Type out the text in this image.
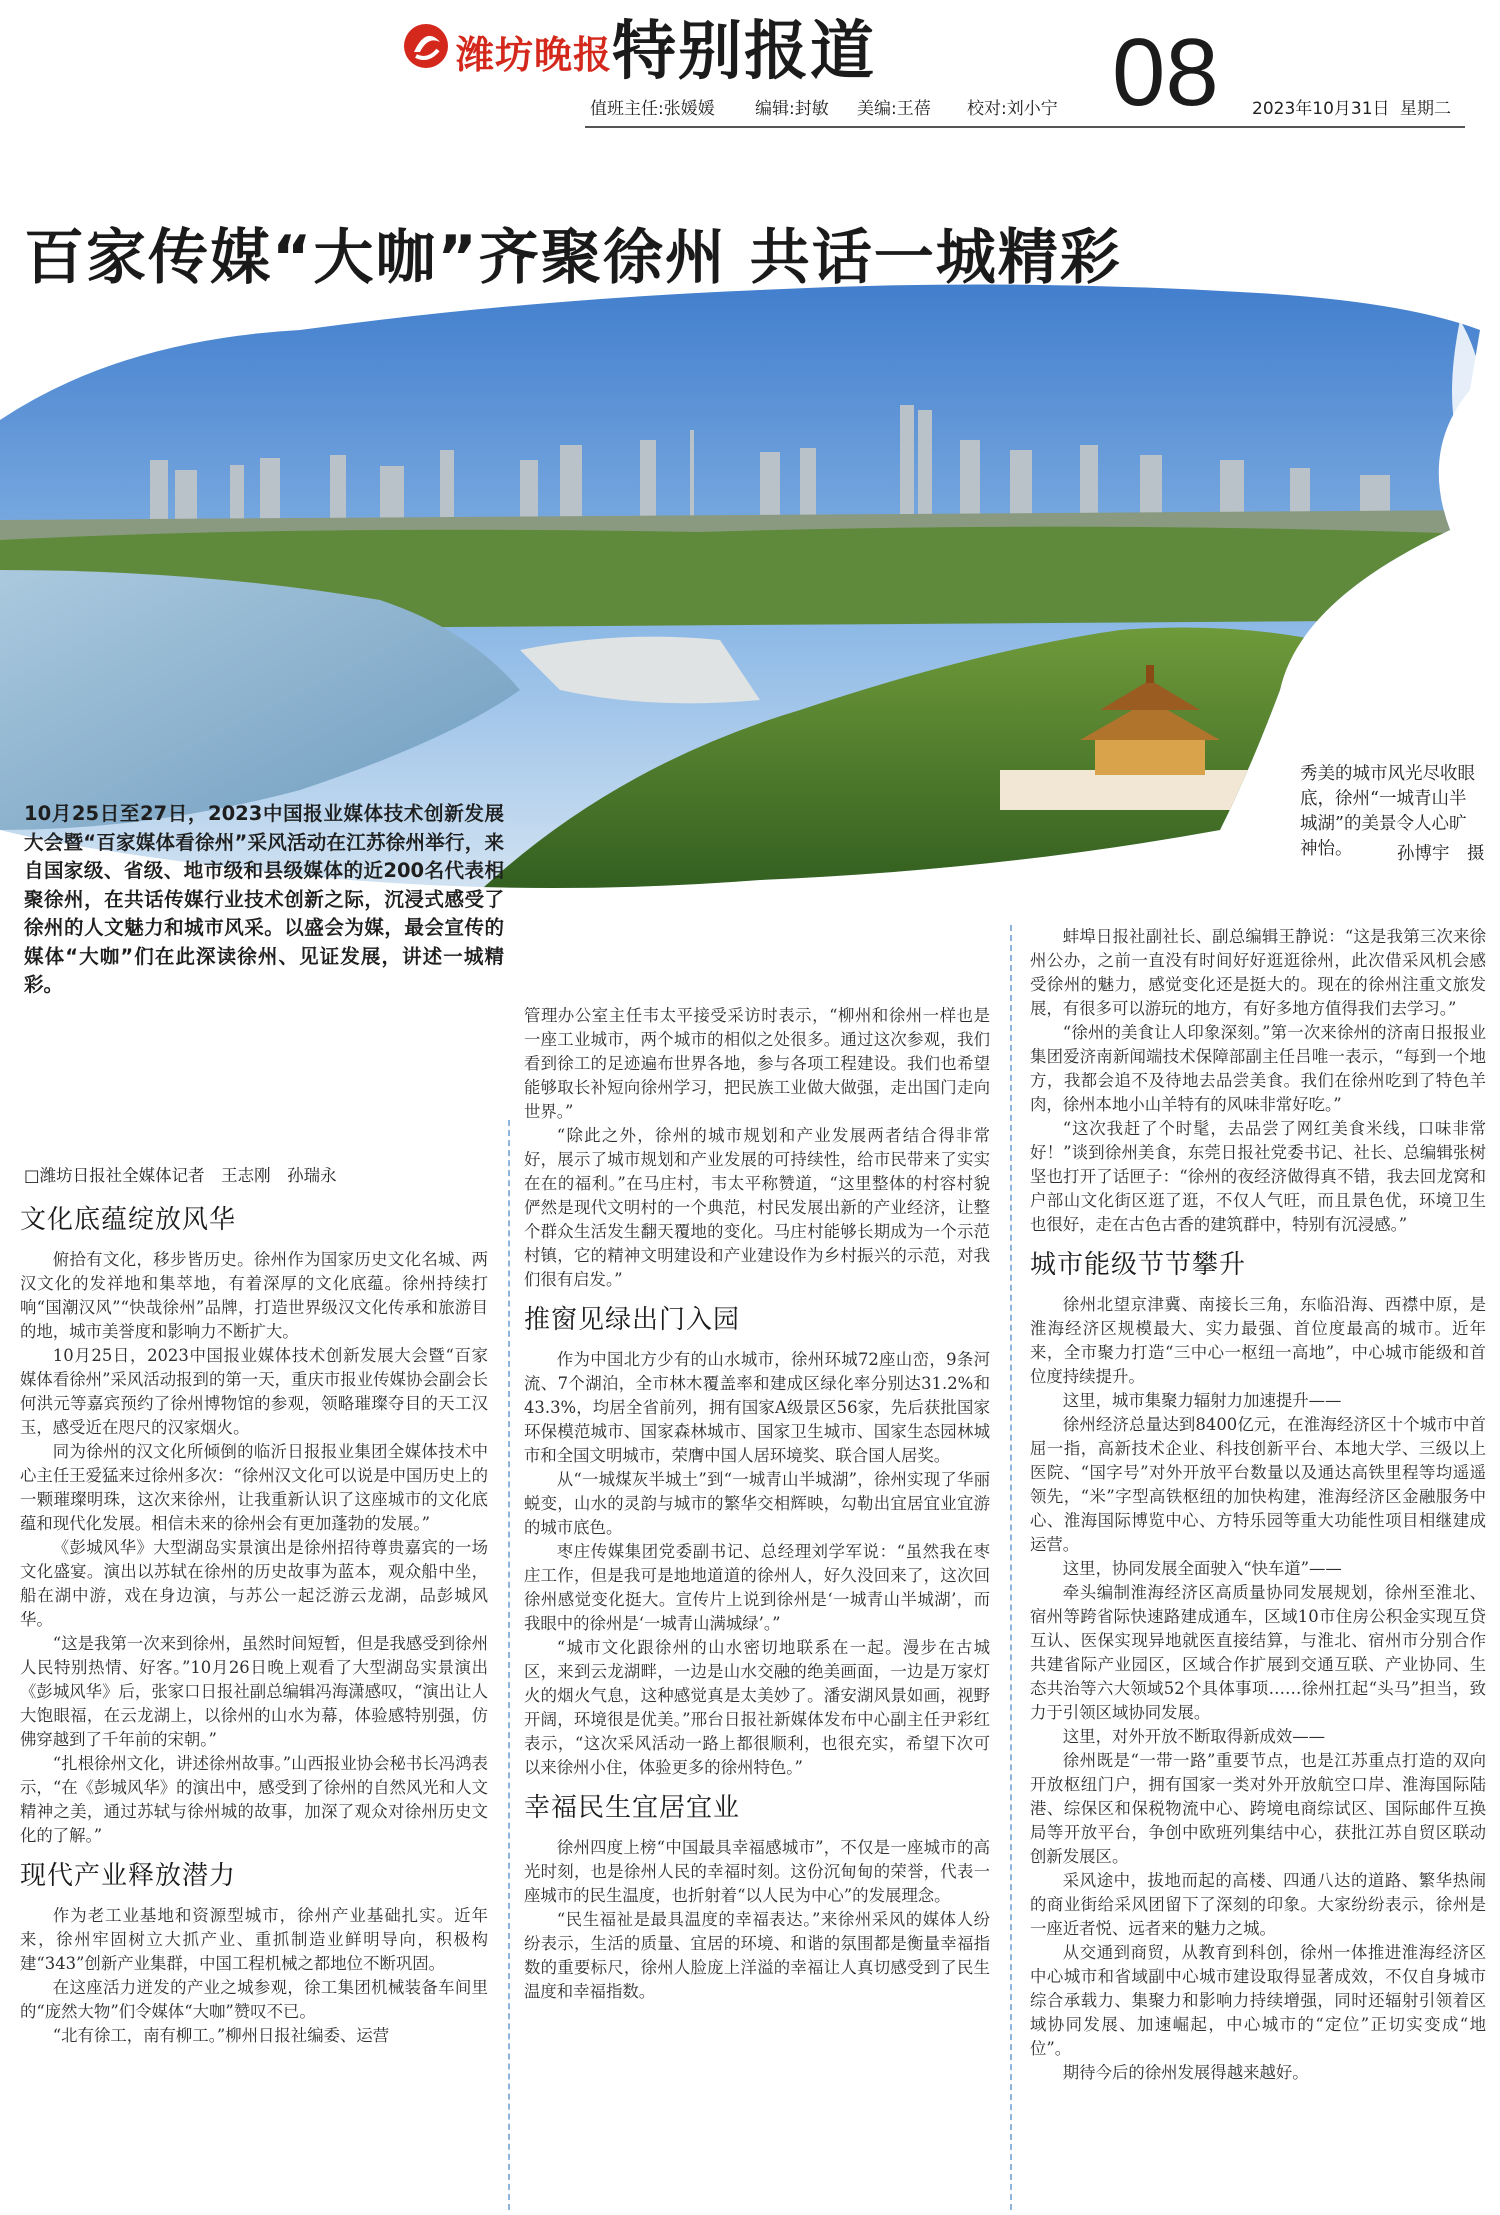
潍坊晚报 特别报道 08
值班主任:张媛媛 编辑:封敏 美编:王蓓 校对:刘小宁	2023年10月31日 星期二
百家传媒“大咖”齐聚徐州 共话一城精彩
秀美的城市风光尽收眼底，徐州“一城青山半城湖”的美景令人心旷神怡。	孙博宇　摄
10月25日至27日，2023中国报业媒体技术创新发展大会暨“百家媒体看徐州”采风活动在江苏徐州举行，来自国家级、省级、地市级和县级媒体的近200名代表相聚徐州，在共话传媒行业技术创新之际，沉浸式感受了徐州的人文魅力和城市风采。以盛会为媒，最会宣传的媒体“大咖”们在此深读徐州、见证发展，讲述一城精彩。
□潍坊日报社全媒体记者　王志刚　孙瑞永
文化底蕴绽放风华

俯拾有文化，移步皆历史。徐州作为国家历史文化名城、两汉文化的发祥地和集萃地，有着深厚的文化底蕴。徐州持续打响“国潮汉风”“快哉徐州”品牌，打造世界级汉文化传承和旅游目的地，城市美誉度和影响力不断扩大。

10月25日，2023中国报业媒体技术创新发展大会暨“百家媒体看徐州”采风活动报到的第一天，重庆市报业传媒协会副会长何洪元等嘉宾预约了徐州博物馆的参观，领略璀璨夺目的天工汉玉，感受近在咫尺的汉家烟火。

同为徐州的汉文化所倾倒的临沂日报报业集团全媒体技术中心主任王爱猛来过徐州多次：“徐州汉文化可以说是中国历史上的一颗璀璨明珠，这次来徐州，让我重新认识了这座城市的文化底蕴和现代化发展。相信未来的徐州会有更加蓬勃的发展。”

《彭城风华》大型湖岛实景演出是徐州招待尊贵嘉宾的一场文化盛宴。演出以苏轼在徐州的历史故事为蓝本，观众船中坐，船在湖中游，戏在身边演，与苏公一起泛游云龙湖，品彭城风华。

“这是我第一次来到徐州，虽然时间短暂，但是我感受到徐州人民特别热情、好客。”10月26日晚上观看了大型湖岛实景演出《彭城风华》后，张家口日报社副总编辑冯海潇感叹，“演出让人大饱眼福，在云龙湖上，以徐州的山水为幕，体验感特别强，仿佛穿越到了千年前的宋朝。”

“扎根徐州文化，讲述徐州故事。”山西报业协会秘书长冯鸿表示，“在《彭城风华》的演出中，感受到了徐州的自然风光和人文精神之美，通过苏轼与徐州城的故事，加深了观众对徐州历史文化的了解。”

现代产业释放潜力

作为老工业基地和资源型城市，徐州产业基础扎实。近年来，徐州牢固树立大抓产业、重抓制造业鲜明导向，积极构建“343”创新产业集群，中国工程机械之都地位不断巩固。

在这座活力迸发的产业之城参观，徐工集团机械装备车间里的“庞然大物”们令媒体“大咖”赞叹不已。

“北有徐工，南有柳工。”柳州日报社编委、运营

管理办公室主任韦太平接受采访时表示，“柳州和徐州一样也是一座工业城市，两个城市的相似之处很多。通过这次参观，我们看到徐工的足迹遍布世界各地，参与各项工程建设。我们也希望能够取长补短向徐州学习，把民族工业做大做强，走出国门走向世界。”

“除此之外，徐州的城市规划和产业发展两者结合得非常好，展示了城市规划和产业发展的可持续性，给市民带来了实实在在的福利。”在马庄村，韦太平称赞道，“这里整体的村容村貌俨然是现代文明村的一个典范，村民发展出新的产业经济，让整个群众生活发生翻天覆地的变化。马庄村能够长期成为一个示范村镇，它的精神文明建设和产业建设作为乡村振兴的示范，对我们很有启发。”

推窗见绿出门入园

作为中国北方少有的山水城市，徐州环城72座山峦，9条河流、7个湖泊，全市林木覆盖率和建成区绿化率分别达31.2%和43.3%，均居全省前列，拥有国家A级景区56家，先后获批国家环保模范城市、国家森林城市、国家卫生城市、国家生态园林城市和全国文明城市，荣膺中国人居环境奖、联合国人居奖。

从“一城煤灰半城土”到“一城青山半城湖”，徐州实现了华丽蜕变，山水的灵韵与城市的繁华交相辉映，勾勒出宜居宜业宜游的城市底色。

枣庄传媒集团党委副书记、总经理刘学军说：“虽然我在枣庄工作，但是我可是地地道道的徐州人，好久没回来了，这次回徐州感觉变化挺大。宣传片上说到徐州是‘一城青山半城湖’，而我眼中的徐州是‘一城青山满城绿’。”

“城市文化跟徐州的山水密切地联系在一起。漫步在古城区，来到云龙湖畔，一边是山水交融的绝美画面，一边是万家灯火的烟火气息，这种感觉真是太美妙了。潘安湖风景如画，视野开阔，环境很是优美。”邢台日报社新媒体发布中心副主任尹彩红表示，“这次采风活动一路上都很顺利，也很充实，希望下次可以来徐州小住，体验更多的徐州特色。”

幸福民生宜居宜业

徐州四度上榜“中国最具幸福感城市”，不仅是一座城市的高光时刻，也是徐州人民的幸福时刻。这份沉甸甸的荣誉，代表一座城市的民生温度，也折射着“以人民为中心”的发展理念。

“民生福祉是最具温度的幸福表达。”来徐州采风的媒体人纷纷表示，生活的质量、宜居的环境、和谐的氛围都是衡量幸福指数的重要标尺，徐州人脸庞上洋溢的幸福让人真切感受到了民生温度和幸福指数。

蚌埠日报社副社长、副总编辑王静说：“这是我第三次来徐州公办，之前一直没有时间好好逛逛徐州，此次借采风机会感受徐州的魅力，感觉变化还是挺大的。现在的徐州注重文旅发展，有很多可以游玩的地方，有好多地方值得我们去学习。”

“徐州的美食让人印象深刻。”第一次来徐州的济南日报报业集团爱济南新闻端技术保障部副主任吕唯一表示，“每到一个地方，我都会追不及待地去品尝美食。我们在徐州吃到了特色羊肉，徐州本地小山羊特有的风味非常好吃。”

“这次我赶了个时髦，去品尝了网红美食米线，口味非常好！”谈到徐州美食，东莞日报社党委书记、社长、总编辑张树坚也打开了话匣子：“徐州的夜经济做得真不错，我去回龙窝和户部山文化街区逛了逛，不仅人气旺，而且景色优，环境卫生也很好，走在古色古香的建筑群中，特别有沉浸感。”

城市能级节节攀升

徐州北望京津冀、南接长三角，东临沿海、西襟中原，是淮海经济区规模最大、实力最强、首位度最高的城市。近年来，全市聚力打造“三中心一枢纽一高地”，中心城市能级和首位度持续提升。

这里，城市集聚力辐射力加速提升——

徐州经济总量达到8400亿元，在淮海经济区十个城市中首屈一指，高新技术企业、科技创新平台、本地大学、三级以上医院、“国字号”对外开放平台数量以及通达高铁里程等均遥遥领先，“米”字型高铁枢纽的加快构建，淮海经济区金融服务中心、淮海国际博览中心、方特乐园等重大功能性项目相继建成运营。

这里，协同发展全面驶入“快车道”——

牵头编制淮海经济区高质量协同发展规划，徐州至淮北、宿州等跨省际快速路建成通车，区域10市住房公积金实现互贷互认、医保实现异地就医直接结算，与淮北、宿州市分别合作共建省际产业园区，区域合作扩展到交通互联、产业协同、生态共治等六大领域52个具体事项……徐州扛起“头马”担当，致力于引领区域协同发展。

这里，对外开放不断取得新成效——

徐州既是“一带一路”重要节点，也是江苏重点打造的双向开放枢纽门户，拥有国家一类对外开放航空口岸、淮海国际陆港、综保区和保税物流中心、跨境电商综试区、国际邮件互换局等开放平台，争创中欧班列集结中心，获批江苏自贸区联动创新发展区。

采风途中，拔地而起的高楼、四通八达的道路、繁华热闹的商业街给采风团留下了深刻的印象。大家纷纷表示，徐州是一座近者悦、远者来的魅力之城。

从交通到商贸，从教育到科创，徐州一体推进淮海经济区中心城市和省域副中心城市建设取得显著成效，不仅自身城市综合承载力、集聚力和影响力持续增强，同时还辐射引领着区域协同发展、加速崛起，中心城市的“定位”正切实变成“地位”。

期待今后的徐州发展得越来越好。
